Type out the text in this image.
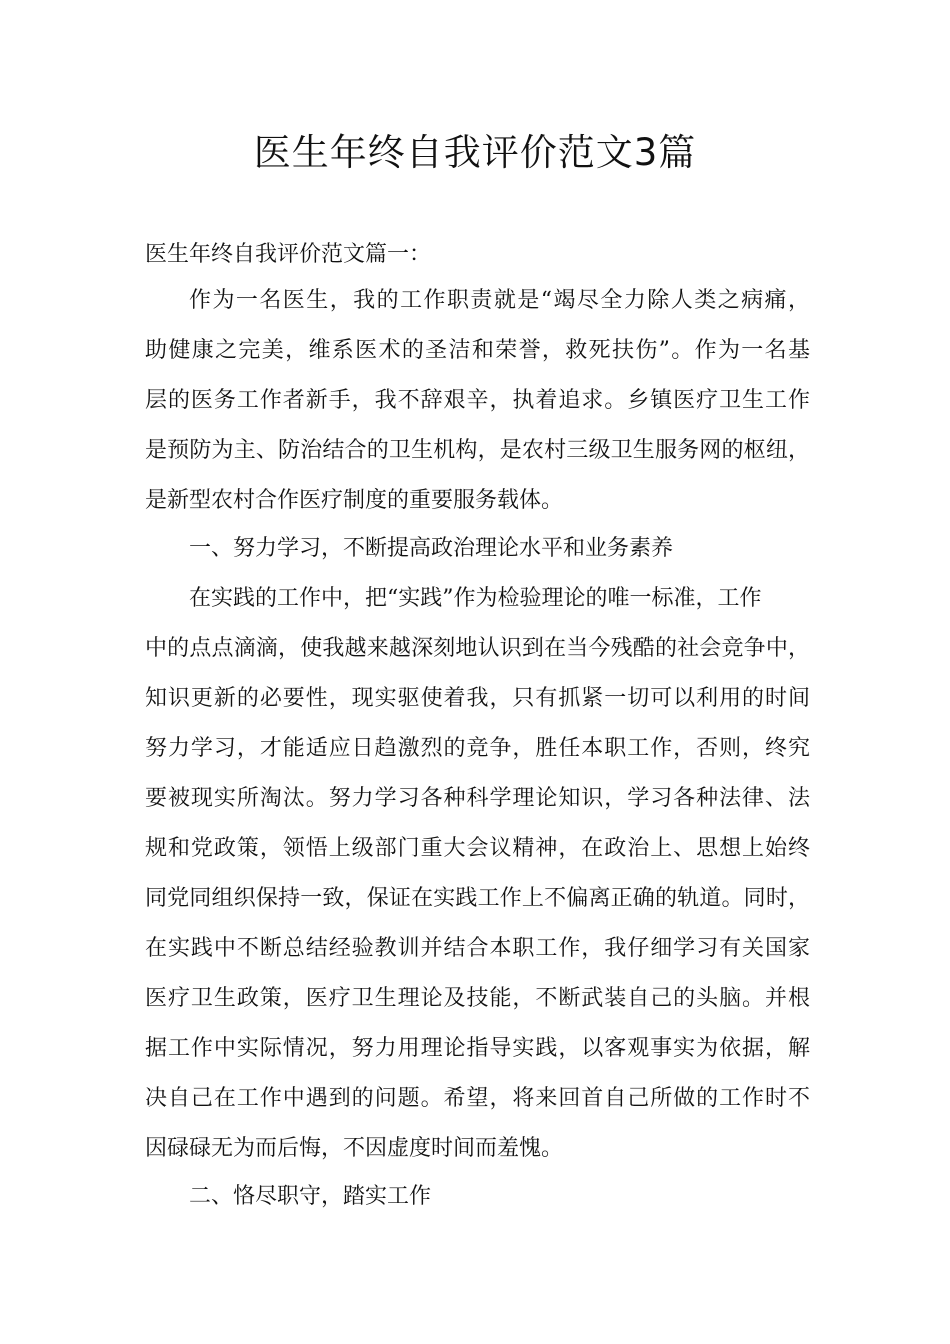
医生年终自我评价范文3篇
医生年终自我评价范文篇一：
作为一名医生，我的工作职责就是“竭尽全力除人类之病痛，
助健康之完美，维系医术的圣洁和荣誉，救死扶伤”。作为一名基
层的医务工作者新手，我不辞艰辛，执着追求。乡镇医疗卫生工作
是预防为主、防治结合的卫生机构，是农村三级卫生服务网的枢纽，
是新型农村合作医疗制度的重要服务载体。
一、努力学习，不断提高政治理论水平和业务素养
在实践的工作中，把“实践”作为检验理论的唯一标准，工作
中的点点滴滴，使我越来越深刻地认识到在当今残酷的社会竞争中，
知识更新的必要性，现实驱使着我，只有抓紧一切可以利用的时间
努力学习，才能适应日趋激烈的竞争，胜任本职工作，否则，终究
要被现实所淘汰。努力学习各种科学理论知识，学习各种法律、法
规和党政策，领悟上级部门重大会议精神，在政治上、思想上始终
同党同组织保持一致，保证在实践工作上不偏离正确的轨道。同时，
在实践中不断总结经验教训并结合本职工作，我仔细学习有关国家
医疗卫生政策，医疗卫生理论及技能，不断武装自己的头脑。并根
据工作中实际情况，努力用理论指导实践，以客观事实为依据，解
决自己在工作中遇到的问题。希望，将来回首自己所做的工作时不
因碌碌无为而后悔，不因虚度时间而羞愧。
二、恪尽职守，踏实工作
